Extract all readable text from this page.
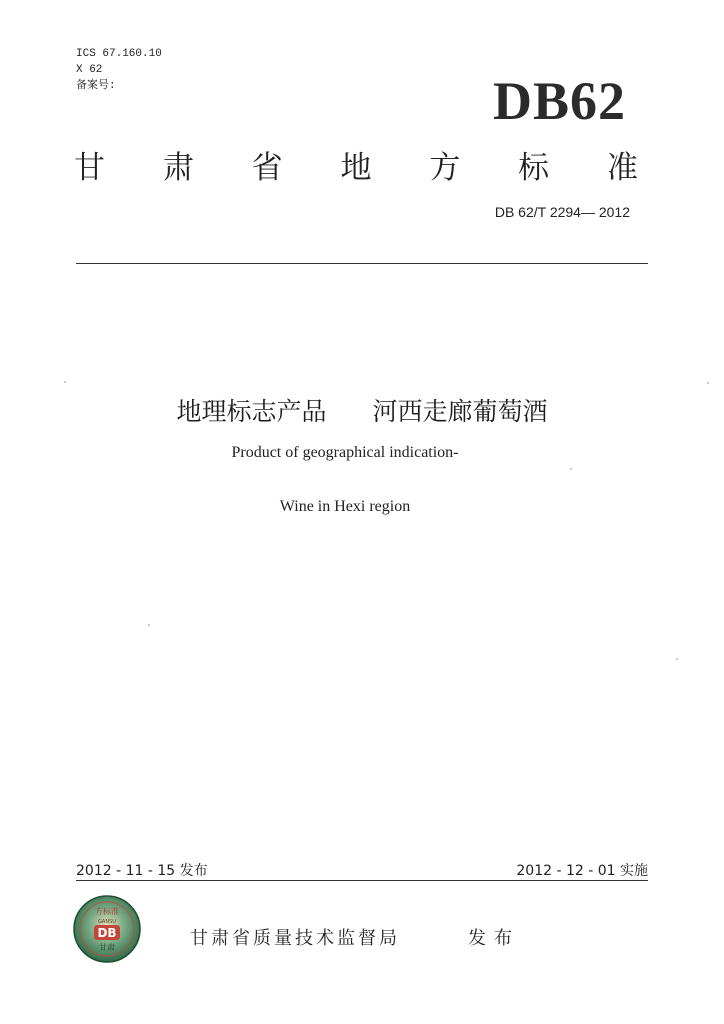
ICS 67.160.10
X 62
备案号:	DB62
甘 肃 省 地 方 标 准
DB 62/T 2294— 2012
地理标志产品 河西走廊葡萄酒
Product of geographical indication-
Wine in Hexi region
2012 - 11 - 15 发布	2012 - 12 - 01 实施
方标准
GANSU
DB
甘肃	甘肃省质量技术监督局	发布
